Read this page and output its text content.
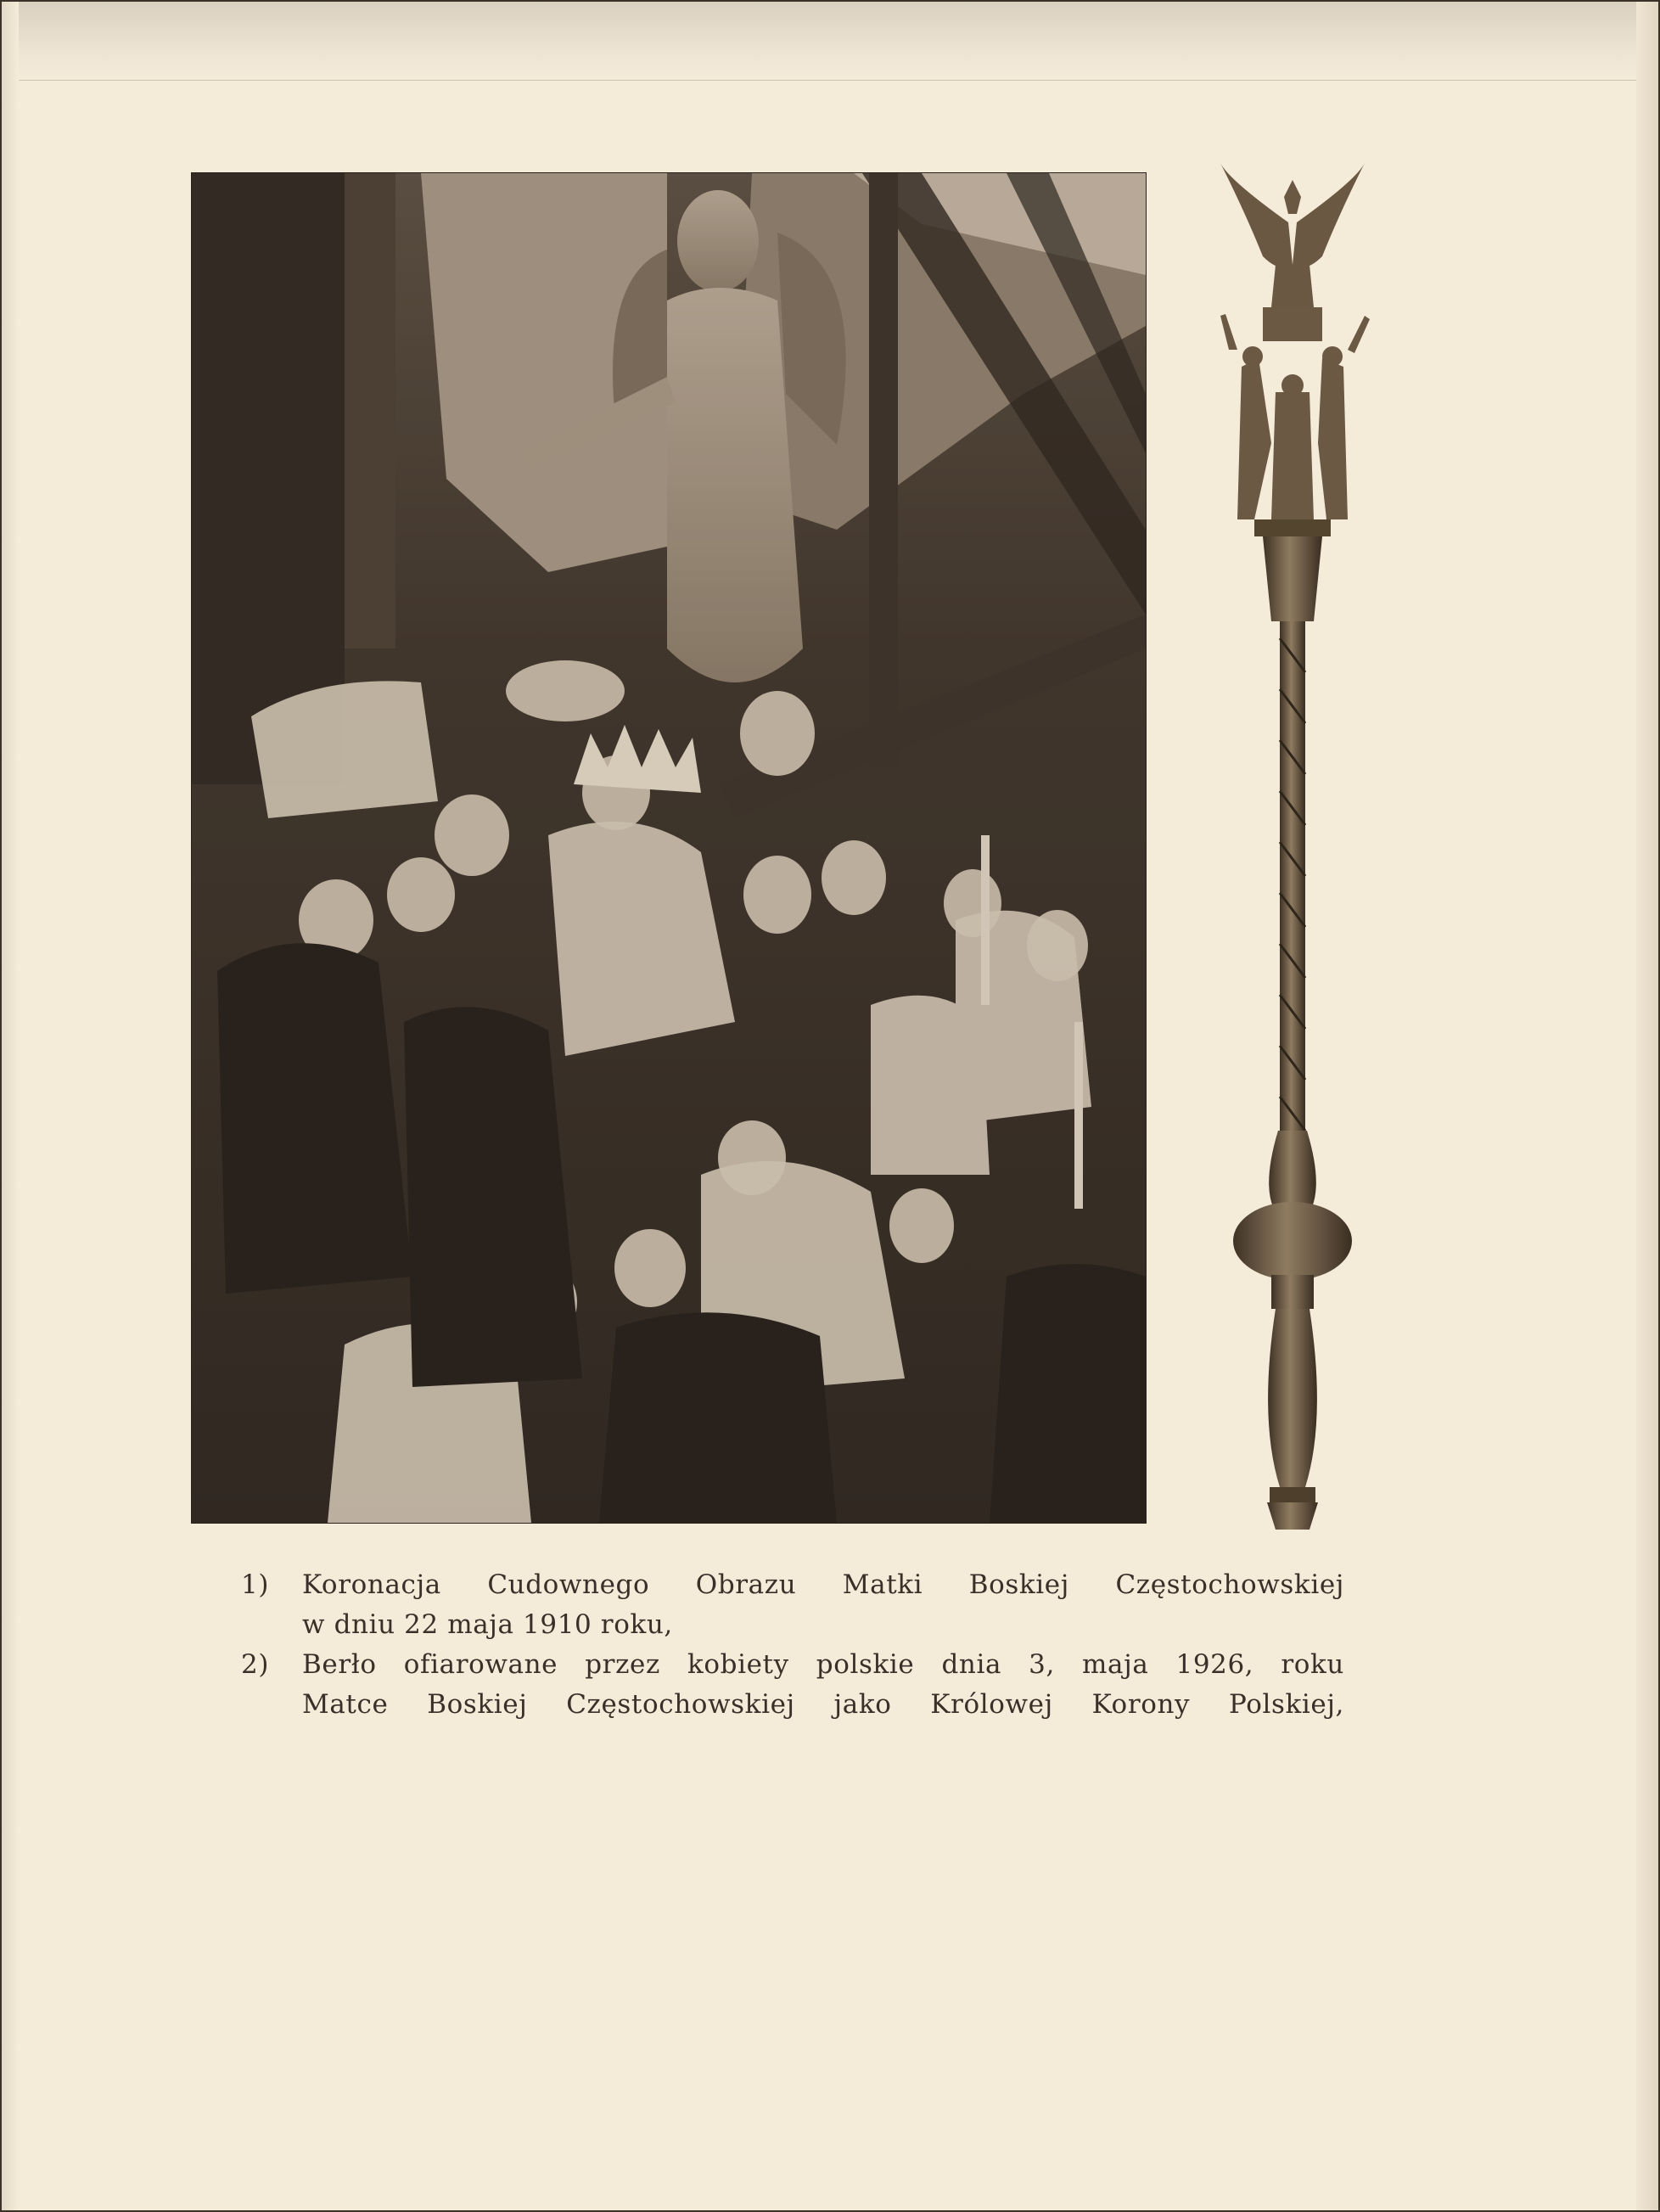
1)	Koronacja Cudownego Obrazu Matki Boskiej Częstochowskiej
w dniu 22 maja 1910 roku,
2)	Berło ofiarowane przez kobiety polskie dnia 3, maja 1926, roku
Matce Boskiej Częstochowskiej jako Królowej Korony Polskiej,
